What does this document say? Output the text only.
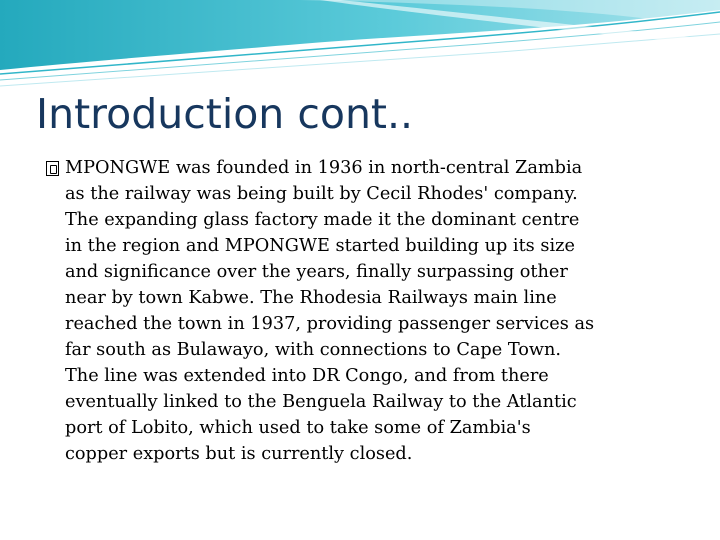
Introduction cont..
MPONGWE was founded in 1936 in north-central Zambia
as the railway was being built by Cecil Rhodes' company.
The expanding glass factory made it the dominant centre
in the region and MPONGWE started building up its size
and significance over the years, finally surpassing other
near by town Kabwe. The Rhodesia Railways main line
reached the town in 1937, providing passenger services as
far south as Bulawayo, with connections to Cape Town.
The line was extended into DR Congo, and from there
eventually linked to the Benguela Railway to the Atlantic
port of Lobito, which used to take some of Zambia's
copper exports but is currently closed.
